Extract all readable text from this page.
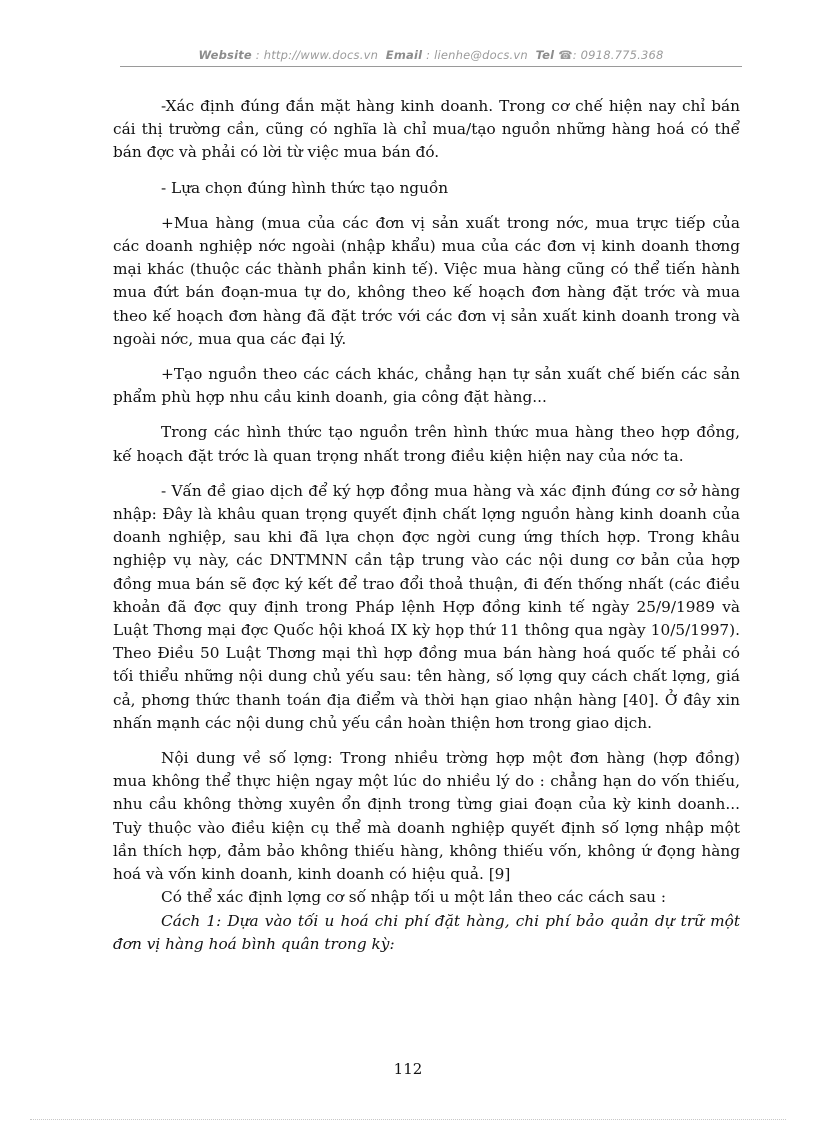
Website : http://www.docs.vn Email : lienhe@docs.vn Tel ☎: 0918.775.368

-Xác định đúng đắn mặt hàng kinh doanh. Trong cơ chế hiện nay chỉ bán cái thị trường cần, cũng có nghĩa là chỉ mua/tạo nguồn những hàng hoá có thể bán đợc và phải có lời từ việc mua bán đó.

- Lựa chọn đúng hình thức tạo nguồn

+Mua hàng (mua của các đơn vị sản xuất trong nớc, mua trực tiếp của các doanh nghiệp nớc ngoài (nhập khẩu) mua của các đơn vị kinh doanh thơng mại khác (thuộc các thành phần kinh tế). Việc mua hàng cũng có thể tiến hành mua đứt bán đoạn-mua tự do, không theo kế hoạch đơn hàng đặt trớc và mua theo kế hoạch đơn hàng đã đặt trớc với các đơn vị sản xuất kinh doanh trong và ngoài nớc, mua qua các đại lý.

+Tạo nguồn theo các cách khác, chẳng hạn tự sản xuất chế biến các sản phẩm phù hợp nhu cầu kinh doanh, gia công đặt hàng...

Trong các hình thức tạo nguồn trên hình thức mua hàng theo hợp đồng, kế hoạch đặt trớc là quan trọng nhất trong điều kiện hiện nay của nớc ta.

- Vấn đề giao dịch để ký hợp đồng mua hàng và xác định đúng cơ sở hàng nhập: Đây là khâu quan trọng quyết định chất lợng nguồn hàng kinh doanh của doanh nghiệp, sau khi đã lựa chọn đợc ngời cung ứng thích hợp. Trong khâu nghiệp vụ này, các DNTMNN cần tập trung vào các nội dung cơ bản của hợp đồng mua bán sẽ đợc ký kết để trao đổi thoả thuận, đi đến thống nhất (các điều khoản đã đợc quy định trong Pháp lệnh Hợp đồng kinh tế ngày 25/9/1989 và Luật Thơng mại đợc Quốc hội khoá IX kỳ họp thứ 11 thông qua ngày 10/5/1997). Theo Điều 50 Luật Thơng mại thì hợp đồng mua bán hàng hoá quốc tế phải có tối thiểu những nội dung chủ yếu sau: tên hàng, số lợng quy cách chất lợng, giá cả, phơng thức thanh toán địa điểm và thời hạn giao nhận hàng [40]. Ở đây xin nhấn mạnh các nội dung chủ yếu cần hoàn thiện hơn trong giao dịch.

Nội dung về số lợng: Trong nhiều trờng hợp một đơn hàng (hợp đồng) mua không thể thực hiện ngay một lúc do nhiều lý do : chẳng hạn do vốn thiếu, nhu cầu không thờng xuyên ổn định trong từng giai đoạn của kỳ kinh doanh... Tuỳ thuộc vào điều kiện cụ thể mà doanh nghiệp quyết định số lợng nhập một lần thích hợp, đảm bảo không thiếu hàng, không thiếu vốn, không ứ đọng hàng hoá và vốn kinh doanh, kinh doanh có hiệu quả. [9]

Có thể xác định lợng cơ số nhập tối u một lần theo các cách sau :

Cách 1: Dựa vào tối u hoá chi phí đặt hàng, chi phí bảo quản dự trữ một đơn vị hàng hoá bình quân trong kỳ:

112
